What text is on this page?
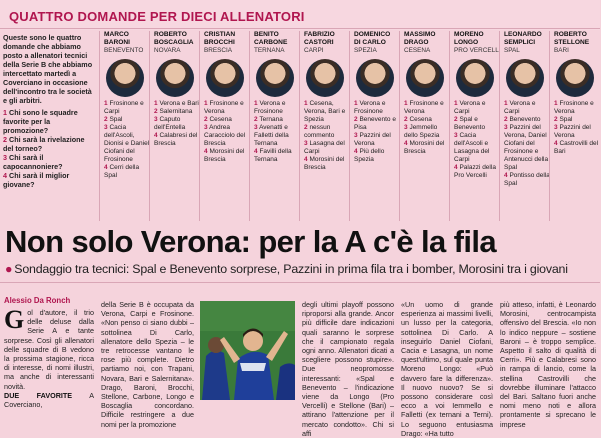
QUATTRO DOMANDE PER DIECI ALLENATORI

Queste sono le quattro domande che abbiamo posto a allenatori tecnici della Serie B che abbiamo intercettato martedì a Coverciano in occasione dell'incontro tra le società e gli arbitri.

1 Chi sono le squadre favorite per la promozione?

2 Chi sarà la rivelazione del torneo?

3 Chi sarà il capocannoniere?

4 Chi sarà il miglior giovane?

MARCO
BARONI
BENEVENTO
1 Frosinone e Carpi
2 Spal
3 Cacia dell'Ascoli, Dionisi e Daniel Ciofani del Frosinone
4 Cerri della Spal
ROBERTO
BOSCAGLIA
NOVARA
1 Verona e Bari
2 Salernitana
3 Caputo dell'Entella
4 Calabresi del Brescia
CRISTIAN
BROCCHI
BRESCIA
1 Frosinone e Verona
2 Cesena
3 Andrea Caracciolo del Brescia
4 Morosini del Brescia
BENITO
CARBONE
TERNANA
1 Verona e Frosinone
2 Ternana
3 Avenatti e Falletti della Ternana
4 Favilli della Ternana
FABRIZIO
CASTORI
CARPI
1 Cesena, Verona, Bari e Spezia
2 nessun commento
3 Lasagna del Carpi
4 Morosini del Brescia
DOMENICO
DI CARLO
SPEZIA
1 Verona e Frosinone
2 Benevento e Pisa
3 Pazzini del Verona
4 Più dello Spezia
MASSIMO
DRAGO
CESENA
1 Frosinone e Verona
2 Cesena
3 Jemmello dello Spezia
4 Morosini del Brescia
MORENO
LONGO
PRO VERCELLI
1 Verona e Carpi
2 Spal e Benevento
3 Cacia dell'Ascoli e Lasagna del Carpi
4 Palazzi della Pro Vercelli
LEONARDO
SEMPLICI
SPAL
1 Verona e Carpi
2 Benevento
3 Pazzini del Verona, Daniel Ciofani del Frosinone e Antenucci della Spal
4 Pontisso della Spal
ROBERTO
STELLONE
BARI
1 Frosinone e Verona
2 Spal
3 Pazzini del Verona
4 Castrovilli del Bari
Non solo Verona: per la A c'è la fila
● Sondaggio tra tecnici: Spal e Benevento sorprese, Pazzini in prima fila tra i bomber, Morosini tra i giovani
Alessio Da Ronch
Gol d'autore, il trio delle deluse dalla Serie A e tante sorprese. Così gli allenatori delle squadre di B vedono la prossima stagione, ricca di interesse, di nomi illustri, ma anche di interessanti novità.
DUE FAVORITE A Coverciano,
della Serie B è occupata da Verona, Carpi e Frosinone. «Non penso ci siano dubbi – sottolinea Di Carlo, allenatore dello Spezia – le tre retrocesse vantano le rose più complete. Dietro partiamo noi, con Trapani, Novara, Bari e Salernitana». Drago, Baroni, Brocchi, Stellone, Carbone, Longo e Boscaglia concordano. Difficile restringere a due nomi per la promozione
degli ultimi playoff possono riproporsi alla grande. Ancor più difficile dare indicazioni quali saranno le sorprese che il campionato regala ogni anno. Allenatori dicati a scegliere possono stupire». Due neopromosse interessanti: «Spal e Benevento – l'indicazione viene da Longo (Pro Vercelli) e Stellone (Bari) – attirano l'attenzione per il mercato condotto». Chi si affi
«Un uomo di grande esperienza ai massimi livelli, un lusso per la categoria, sottolinea Di Carlo. A inseguirlo Daniel Ciofani, Cacia e Lasagna, un nome quest'ultimo, sul quale punta Moreno Longo: «Può davvero fare la differenza». Il nuovo nuovo? Se si possono considerare così ecco a voi Iemmello e Falletti (ex ternani a Terni). Lo seguono entusiasma Drago: «Ha tutto
più atteso, infatti, è Leonardo Morosini, centrocampista offensivo del Brescia. «Io non lo indico neppure – sostiene Baroni – è troppo semplice. Aspetto il salto di qualità di Cerri». Più e Calabresi sono in rampa di lancio, come la stellina Castrovilli che dovrebbe illuminare l'attacco del Bari. Saltano fuori anche nomi meno noti e allora prontamente si sprecano le imprese
